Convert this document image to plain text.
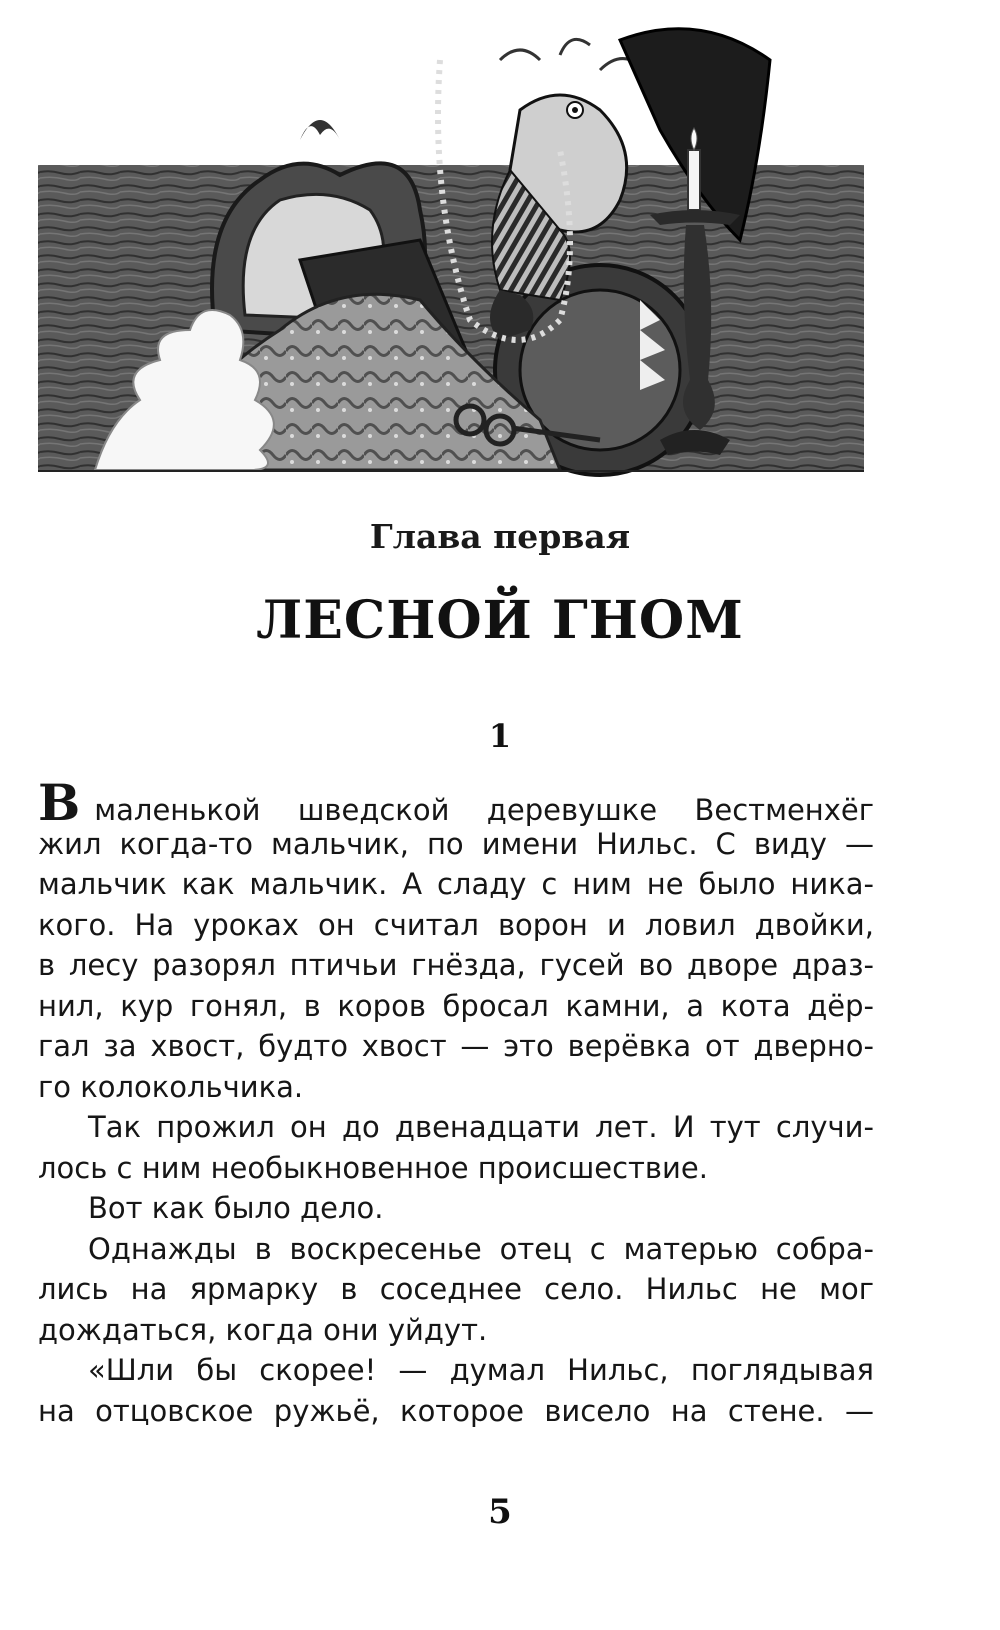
Глава первая
ЛЕСНОЙ ГНОМ
1
Вмаленькой шведской деревушке Вестменхёг
жил когда-то мальчик, по имени Нильс. С виду —
мальчик как мальчик. А сладу с ним не было ника-
кого. На уроках он считал ворон и ловил двойки,
в лесу разорял птичьи гнёзда, гусей во дворе драз-
нил, кур гонял, в коров бросал камни, а кота дёр-
гал за хвост, будто хвост — это верёвка от дверно-
го колокольчика.
Так прожил он до двенадцати лет. И тут случи-
лось с ним необыкновенное происшествие.
Вот как было дело.
Однажды в воскресенье отец с матерью собра-
лись на ярмарку в соседнее село. Нильс не мог
дождаться, когда они уйдут.
«Шли бы скорее! — думал Нильс, поглядывая
на отцовское ружьё, которое висело на стене. —
5
